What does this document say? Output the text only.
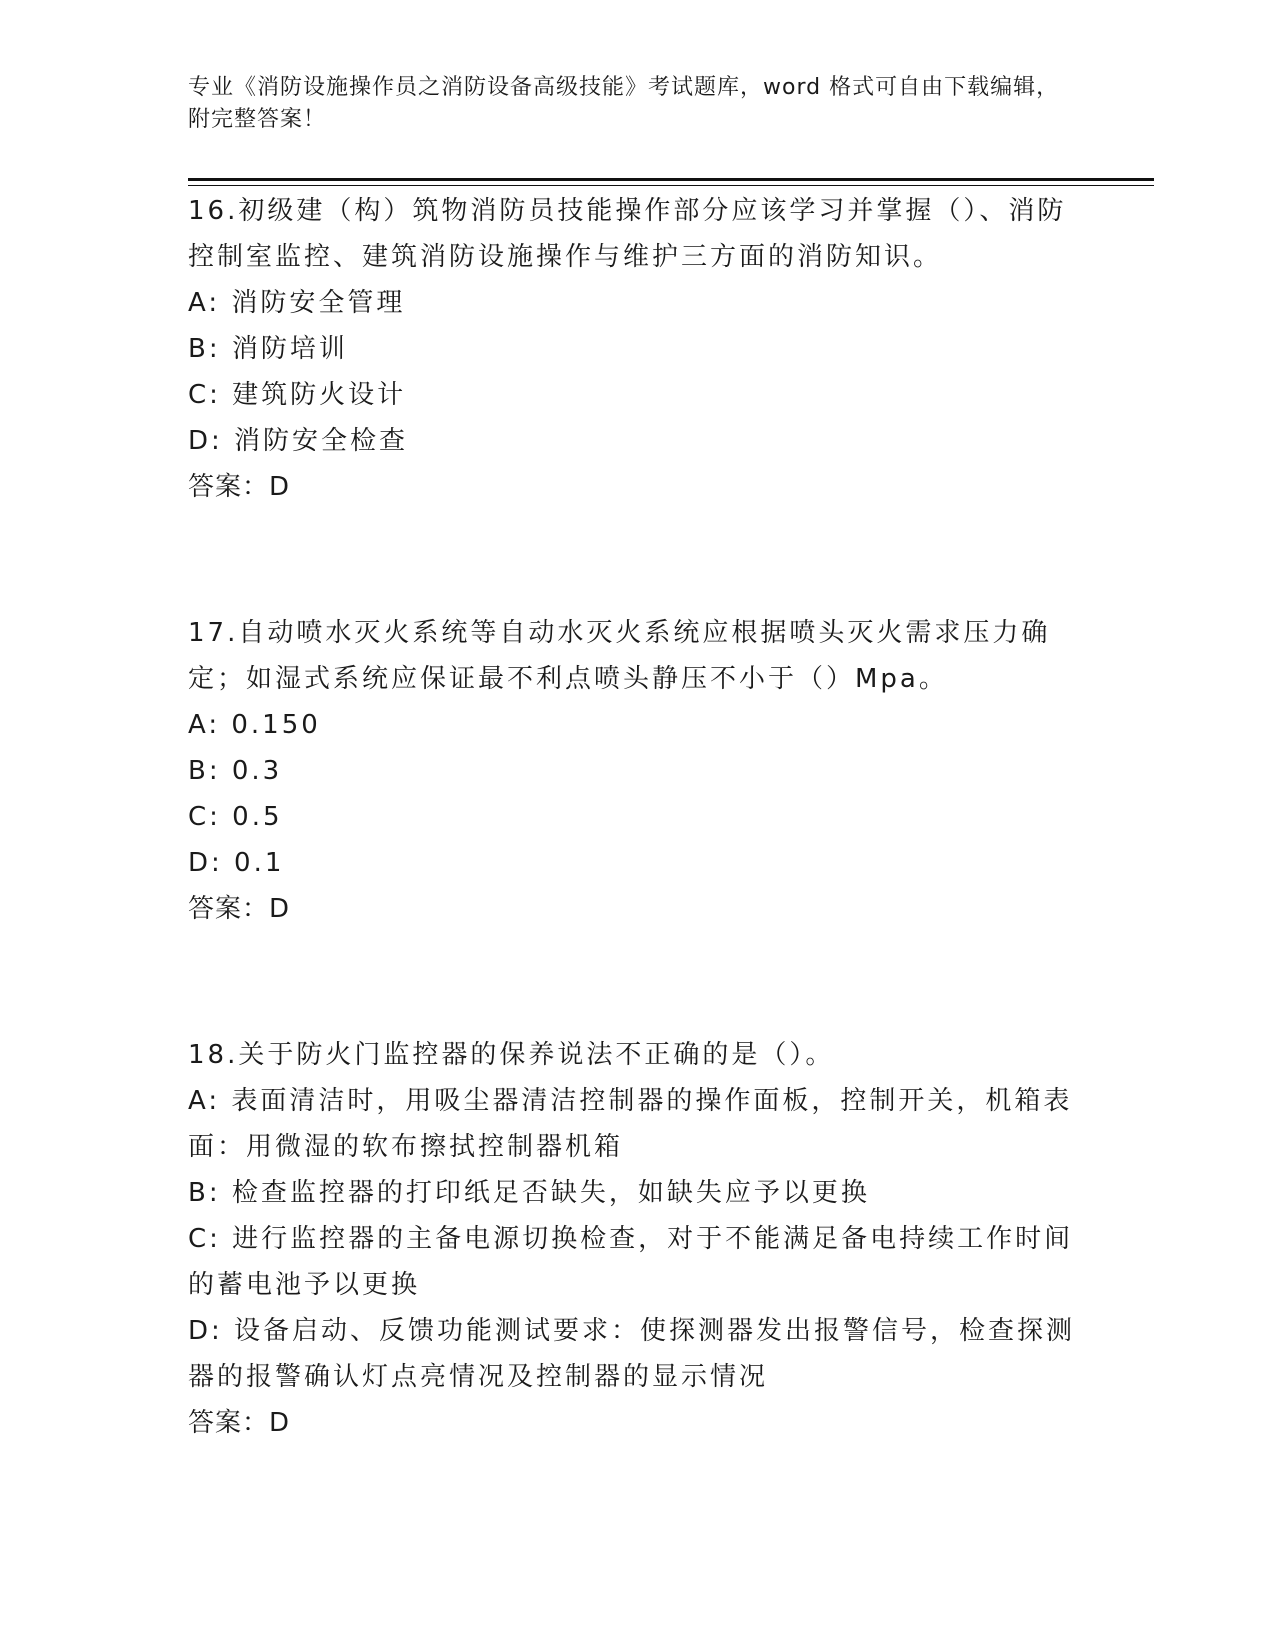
专业《消防设施操作员之消防设备高级技能》考试题库，word 格式可自由下载编辑，附完整答案！

16.初级建（构）筑物消防员技能操作部分应该学习并掌握（）、消防控制室监控、建筑消防设施操作与维护三方面的消防知识。

A: 消防安全管理

B: 消防培训

C: 建筑防火设计

D: 消防安全检查

答案：D

17.自动喷水灭火系统等自动水灭火系统应根据喷头灭火需求压力确定；如湿式系统应保证最不利点喷头静压不小于（）Mpa。

A: 0.150

B: 0.3

C: 0.5

D: 0.1

答案：D

18.关于防火门监控器的保养说法不正确的是（）。

A: 表面清洁时，用吸尘器清洁控制器的操作面板，控制开关，机箱表面：用微湿的软布擦拭控制器机箱

B: 检查监控器的打印纸足否缺失，如缺失应予以更换

C: 进行监控器的主备电源切换检查，对于不能满足备电持续工作时间的蓄电池予以更换

D: 设备启动、反馈功能测试要求：使探测器发出报警信号，检查探测器的报警确认灯点亮情况及控制器的显示情况

答案：D
